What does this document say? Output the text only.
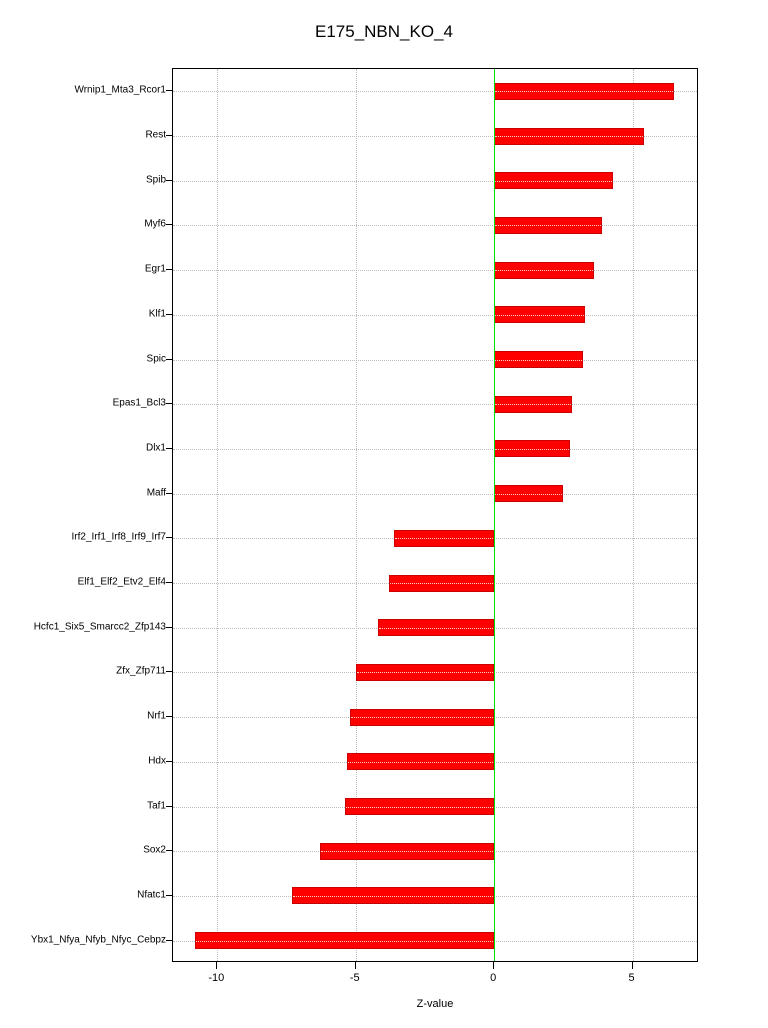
E175_NBN_KO_4
Wrnip1_Mta3_Rcor1
Rest
Spib
Myf6
Egr1
Klf1
Spic
Epas1_Bcl3
Dlx1
Maff
Irf2_Irf1_Irf8_Irf9_Irf7
Elf1_Elf2_Etv2_Elf4
Hcfc1_Six5_Smarcc2_Zfp143
Zfx_Zfp711
Nrf1
Hdx
Taf1
Sox2
Nfatc1
Ybx1_Nfya_Nfyb_Nfyc_Cebpz
-10	-5	0	5
Z-value
